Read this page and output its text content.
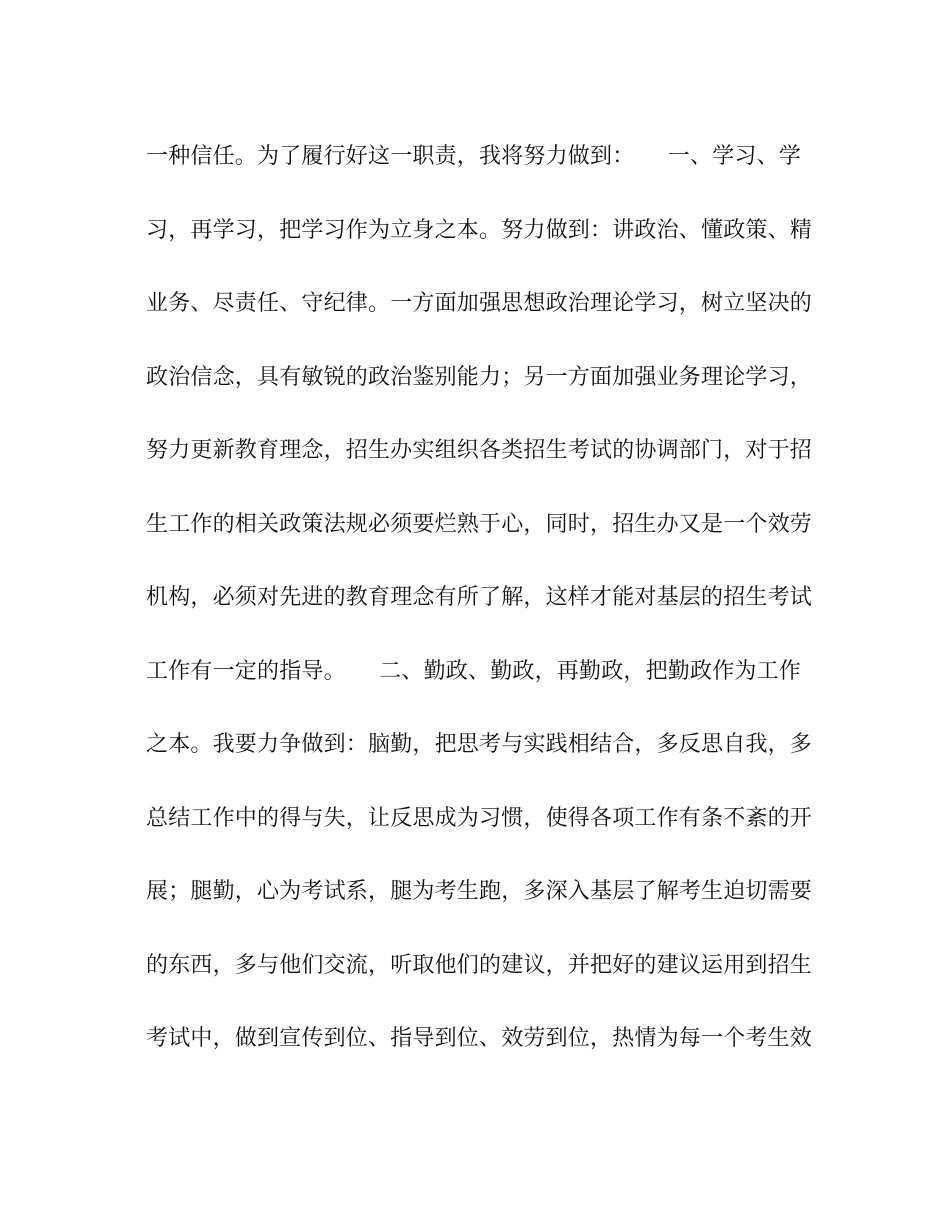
一种信任。为了履行好这一职责，我将努力做到：　　一、学习、学
习，再学习，把学习作为立身之本。努力做到：讲政治、懂政策、精
业务、尽责任、守纪律。一方面加强思想政治理论学习，树立坚决的
政治信念，具有敏锐的政治鉴别能力；另一方面加强业务理论学习，
努力更新教育理念，招生办实组织各类招生考试的协调部门，对于招
生工作的相关政策法规必须要烂熟于心，同时，招生办又是一个效劳
机构，必须对先进的教育理念有所了解，这样才能对基层的招生考试
工作有一定的指导。　　二、勤政、勤政，再勤政，把勤政作为工作
之本。我要力争做到：脑勤，把思考与实践相结合，多反思自我，多
总结工作中的得与失，让反思成为习惯，使得各项工作有条不紊的开
展；腿勤，心为考试系，腿为考生跑，多深入基层了解考生迫切需要
的东西，多与他们交流，听取他们的建议，并把好的建议运用到招生
考试中，做到宣传到位、指导到位、效劳到位，热情为每一个考生效
